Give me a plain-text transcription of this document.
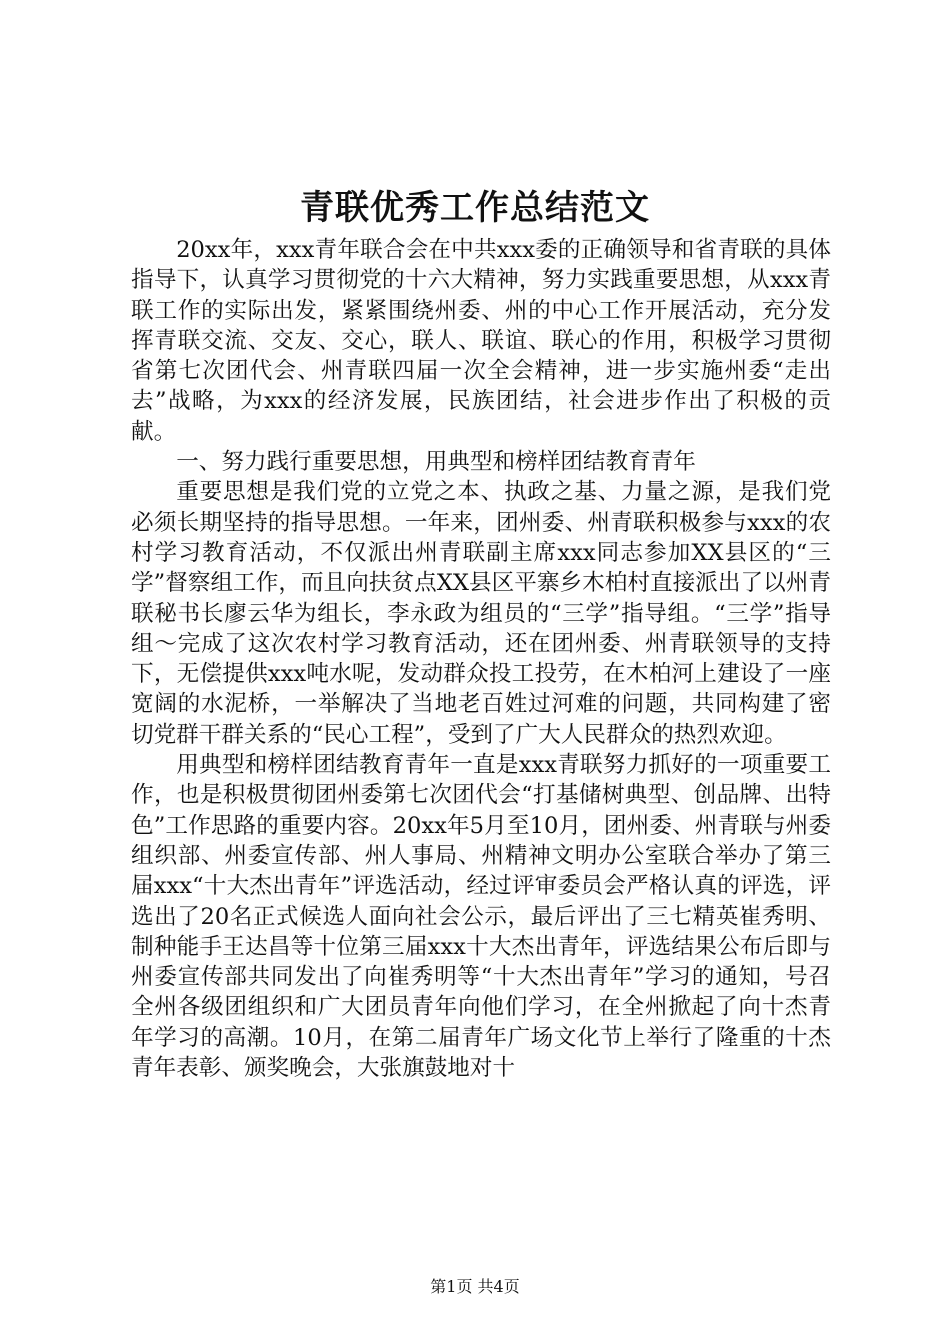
青联优秀工作总结范文

20xx年，xxx青年联合会在中共xxx委的正确领导和省青联的具体指导下，认真学习贯彻党的十六大精神，努力实践重要思想，从xxx青联工作的实际出发，紧紧围绕州委、州的中心工作开展活动，充分发挥青联交流、交友、交心，联人、联谊、联心的作用，积极学习贯彻省第七次团代会、州青联四届一次全会精神，进一步实施州委“走出去”战略，为xxx的经济发展，民族团结，社会进步作出了积极的贡献。

一、努力践行重要思想，用典型和榜样团结教育青年

重要思想是我们党的立党之本、执政之基、力量之源，是我们党必须长期坚持的指导思想。一年来，团州委、州青联积极参与xxx的农村学习教育活动，不仅派出州青联副主席xxx同志参加XX县区的“三学”督察组工作，而且向扶贫点XX县区平寨乡木柏村直接派出了以州青联秘书长廖云华为组长，李永政为组员的“三学”指导组。“三学”指导组～完成了这次农村学习教育活动，还在团州委、州青联领导的支持下，无偿提供xxx吨水呢，发动群众投工投劳，在木柏河上建设了一座宽阔的水泥桥，一举解决了当地老百姓过河难的问题，共同构建了密切党群干群关系的“民心工程”，受到了广大人民群众的热烈欢迎。

用典型和榜样团结教育青年一直是xxx青联努力抓好的一项重要工作，也是积极贯彻团州委第七次团代会“打基储树典型、创品牌、出特色”工作思路的重要内容。20xx年5月至10月，团州委、州青联与州委组织部、州委宣传部、州人事局、州精神文明办公室联合举办了第三届xxx“十大杰出青年”评选活动，经过评审委员会严格认真的评选，评选出了20名正式候选人面向社会公示，最后评出了三七精英崔秀明、制种能手王达昌等十位第三届xxx十大杰出青年，评选结果公布后即与州委宣传部共同发出了向崔秀明等“十大杰出青年”学习的通知，号召全州各级团组织和广大团员青年向他们学习，在全州掀起了向十杰青年学习的高潮。10月，在第二届青年广场文化节上举行了隆重的十杰青年表彰、颁奖晚会，大张旗鼓地对十

第1页 共4页
